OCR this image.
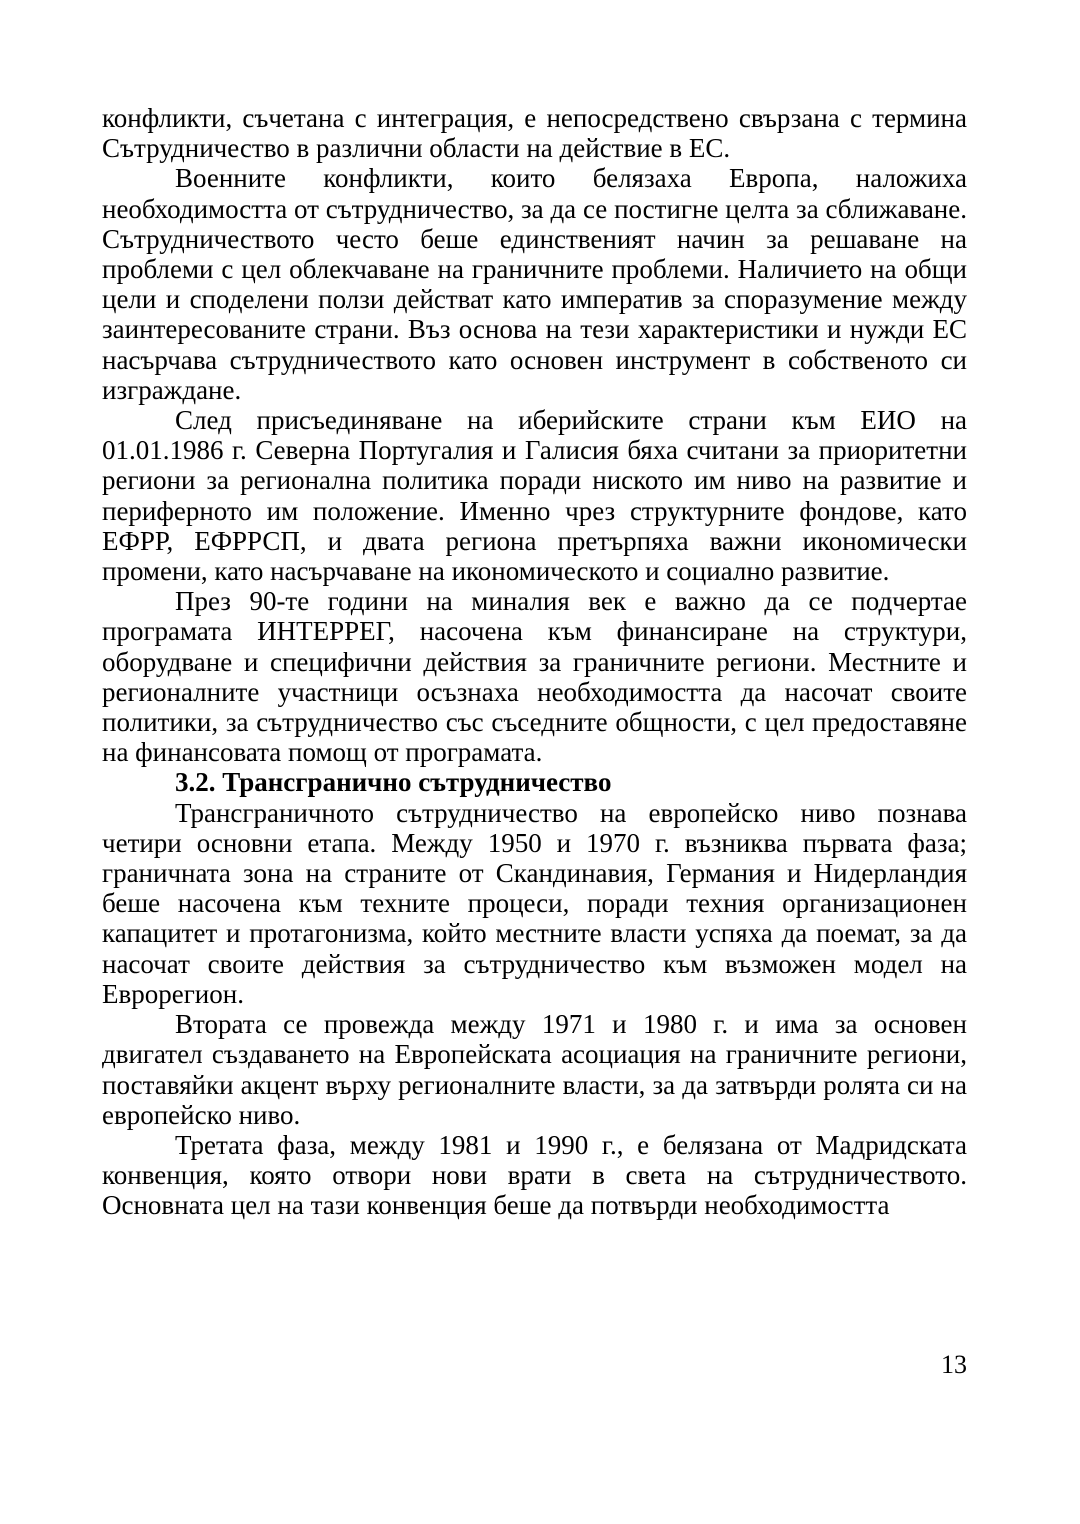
конфликти, съчетана с интеграция, е непосредствено свързана с термина Сътрудничество в различни области на действие в ЕС.

Военните конфликти, които белязаха Европа, наложиха необходимостта от сътрудничество, за да се постигне целта за сближаване. Сътрудничеството често беше единственият начин за решаване на проблеми с цел облекчаване на граничните проблеми. Наличието на общи цели и споделени ползи действат като императив за споразумение между заинтересованите страни. Въз основа на тези характеристики и нужди ЕС насърчава сътрудничеството като основен инструмент в собственото си изграждане.

След присъединяване на иберийските страни към ЕИО на 01.01.1986 г. Северна Португалия и Галисия бяха считани за приоритетни региони за регионална политика поради ниското им ниво на развитие и периферното им положение. Именно чрез структурните фондове, като ЕФРР, ЕФРРСП, и двата региона претърпяха важни икономически промени, като насърчаване на икономическото и социално развитие.

През 90-те години на миналия век е важно да се подчертае програмата ИНТЕРРЕГ, насочена към финансиране на структури, оборудване и специфични действия за граничните региони. Местните и регионалните участници осъзнаха необходимостта да насочат своите политики, за сътрудничество със съседните общности, с цел предоставяне на финансовата помощ от програмата.

3.2. Трансгранично сътрудничество

Трансграничното сътрудничество на европейско ниво познава четири основни етапа. Между 1950 и 1970 г. възниква първата фаза; граничната зона на страните от Скандинавия, Германия и Нидерландия беше насочена към техните процеси, поради техния организационен капацитет и протагонизма, който местните власти успяха да поемат, за да насочат своите действия за сътрудничество към възможен модел на Еврорегион.

Втората се провежда между 1971 и 1980 г. и има за основен двигател създаването на Европейската асоциация на граничните региони, поставяйки акцент върху регионалните власти, за да затвърди ролята си на европейско ниво.

Третата фаза, между 1981 и 1990 г., е белязана от Мадридската конвенция, която отвори нови врати в света на сътрудничеството. Основната цел на тази конвенция беше да потвърди необходимостта

13
